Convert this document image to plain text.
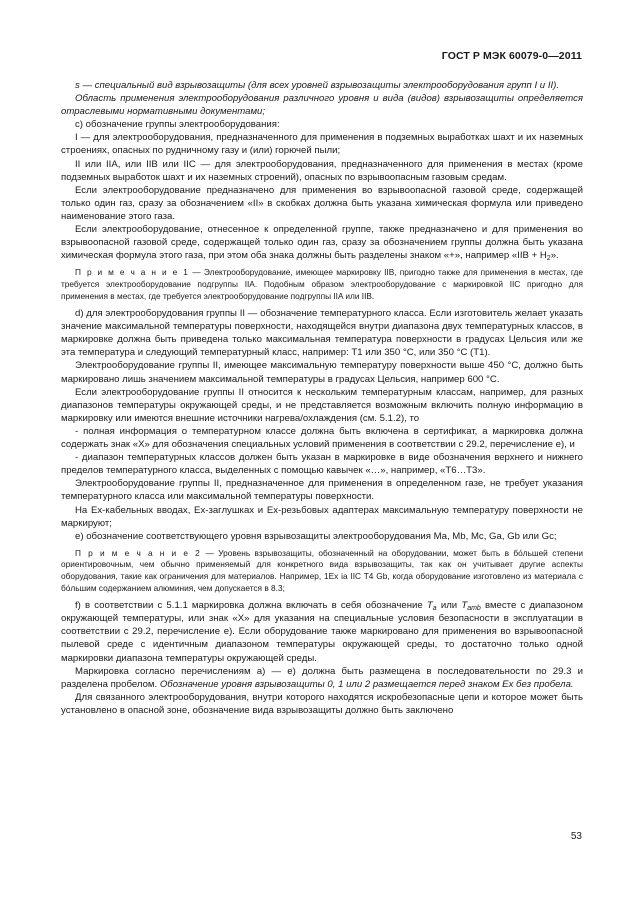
ГОСТ Р МЭК 60079-0—2011

s — специальный вид взрывозащиты (для всех уровней взрывозащиты электрооборудования групп I и II).

Область применения электрооборудования различного уровня и вида (видов) взрывозащиты определяется отраслевыми нормативными документами;

с) обозначение группы электрооборудования:

I — для электрооборудования, предназначенного для применения в подземных выработках шахт и их наземных строениях, опасных по рудничному газу и (или) горючей пыли;

II или IIA, или IIB или IIC — для электрооборудования, предназначенного для применения в местах (кроме подземных выработок шахт и их наземных строений), опасных по взрывоопасным газовым средам.

Если электрооборудование предназначено для применения во взрывоопасной газовой среде, содержащей только один газ, сразу за обозначением «II» в скобках должна быть указана химическая формула или приведено наименование этого газа.

Если электрооборудование, отнесенное к определенной группе, также предназначено и для применения во взрывоопасной газовой среде, содержащей только один газ, сразу за обозначением группы должна быть указана химическая формула этого газа, при этом оба знака должны быть разделены знаком «+», например «IIB + $H_2$».

П р и м е ч а н и е 1 — Электрооборудование, имеющее маркировку IIB, пригодно также для применения в местах, где требуется электрооборудование подгруппы IIA. Подобным образом электрооборудование с маркировкой IIC пригодно для применения в местах, где требуется электрооборудование подгруппы IIA или IIB.

d) для электрооборудования группы II — обозначение температурного класса. Если изготовитель желает указать значение максимальной температуры поверхности, находящейся внутри диапазона двух температурных классов, в маркировке должна быть приведена только максимальная температура поверхности в градусах Цельсия или же эта температура и следующий температурный класс, например: T1 или 350 °C, или 350 °C (T1).

Электрооборудование группы II, имеющее максимальную температуру поверхности выше 450 °C, должно быть маркировано лишь значением максимальной температуры в градусах Цельсия, например 600 °C.

Если электрооборудование группы II относится к нескольким температурным классам, например, для разных диапазонов температуры окружающей среды, и не представляется возможным включить полную информацию в маркировку или имеются внешние источники нагрева/охлаждения (см. 5.1.2), то

- полная информация о температурном классе должна быть включена в сертификат, а маркировка должна содержать знак «Х» для обозначения специальных условий применения в соответствии с 29.2, перечисление е), и

- диапазон температурных классов должен быть указан в маркировке в виде обозначения верхнего и нижнего пределов температурного класса, выделенных с помощью кавычек «…», например, «Т6…Т3».

Электрооборудование группы II, предназначенное для применения в определенном газе, не требует указания температурного класса или максимальной температуры поверхности.

На Ex-кабельных вводах, Ex-заглушках и Ex-резьбовых адаптерах максимальную температуру поверхности не маркируют;

e) обозначение соответствующего уровня взрывозащиты электрооборудования Ma, Mb, Mc, Ga, Gb или Gc;

П р и м е ч а н и е 2 — Уровень взрывозащиты, обозначенный на оборудовании, может быть в бо́льшей степени ориентировочным, чем обычно применяемый для конкретного вида взрывозащиты, так как он учитывает другие аспекты оборудования, такие как ограничения для материалов. Например, 1Ex ia IIC T4 Gb, когда оборудование изготовлено из материала с бо́льшим содержанием алюминия, чем допускается в 8.3;

f) в соответствии с 5.1.1 маркировка должна включать в себя обозначение $T_a$ или $T_{amb}$ вместе с диапазоном окружающей температуры, или знак «Х» для указания на специальные условия безопасности в эксплуатации в соответствии с 29.2, перечисление е). Если оборудование также маркировано для применения во взрывоопасной пылевой среде с идентичным диапазоном температуры окружающей среды, то достаточно только одной маркировки диапазона температуры окружающей среды.

Маркировка согласно перечислениям а) — е) должна быть размещена в последовательности по 29.3 и разделена пробелом. Обозначение уровня взрывозащиты 0, 1 или 2 размещается перед знаком Ex без пробела.

Для связанного электрооборудования, внутри которого находятся искробезопасные цепи и которое может быть установлено в опасной зоне, обозначение вида взрывозащиты должно быть заключено

53
